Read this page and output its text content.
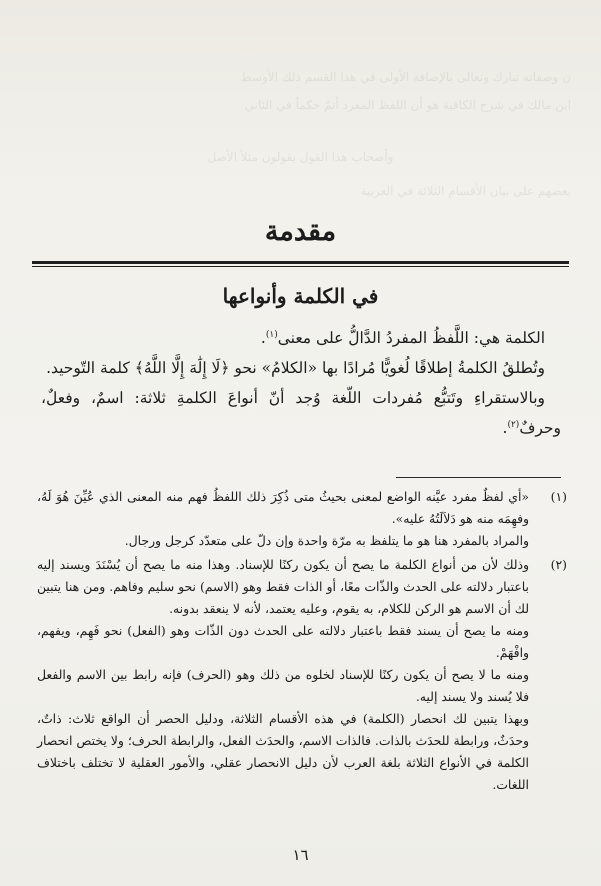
ن وصفاته تبارك وتعالى بالإضافة الأولى في هذا القسم ذلك الأوسط
ابن مالك في شرح الكافية هو أن اللفظ المفرد أتمّ حكماً في الثاني
وأصحاب هذا القول يقولون مثلاً الأصل
بعضهم على بيان الأقسام الثلاثة في العربية
مقدمة
في الكلمة وأنواعها

الكلمة هي: اللَّفظُ المفردُ الدَّالُّ على معنى$^{(١)}$.

وتُطلقُ الكلمةُ إطلاقًا لُغويًّا مُرادًا بها «الكلامُ» نحو ﴿لَا إِلَٰهَ إِلَّا اللَّهُ﴾ كلمة التّوحيد.

وبالاستقراءِ وتَتبُّع مُفردات اللّغة وُجد أنّ أنواعَ الكلمةِ ثلاثة: اسمٌ، وفعلٌ، وحرفٌ$^{(٢)}$.

(١)

«أي لفظٌ مفرد عيَّنه الواضع لمعنى بحيثُ متى ذُكِرَ ذلك اللفظُ فهم منه المعنى الذي عُيِّنَ هُوَ لَهُ، وفهِمَه منه هو دَلاَلَتُهُ عليه».

والمراد بالمفرد هنا هو ما يتلفظ به مرّة واحدة وإن دلّ على متعدّد كرجل ورجال.

(٢)

وذلك لأن من أنواع الكلمة ما يصح أن يكون ركنًا للإسناد. وهذا منه ما يصح أن يُسْنَدَ ويسند إليه باعتبار دلالته على الحدث والذّات معًا، أو الذات فقط وهو (الاسم) نحو سليم وفاهم. ومن هنا يتبين لك أن الاسم هو الركن للكلام، به يقوم، وعليه يعتمد، لأنه لا ينعقد بدونه.

ومنه ما يصح أن يسند فقط باعتبار دلالته على الحدث دون الذّات وهو (الفعل) نحو فَهِم، ويفهم، وافْهَمْ.

ومنه ما لا يصح أن يكون ركنًا للإسناد لخلوه من ذلك وهو (الحرف) فإنه رابط بين الاسم والفعل فلا يُسند ولا يسند إليه.

وبهذا يتبين لك انحصار (الكلمة) في هذه الأقسام الثلاثة، ودليل الحصر أن الواقع ثلاث: ذاتٌ، وحدَثٌ، ورابطة للحدَث بالذات. فالذات الاسم، والحدَث الفعل، والرابطة الحرف؛ ولا يختص انحصار الكلمة في الأنواع الثلاثة بلغة العرب لأن دليل الانحصار عقلي، والأمور العقلية لا تختلف باختلاف اللغات.

١٦
